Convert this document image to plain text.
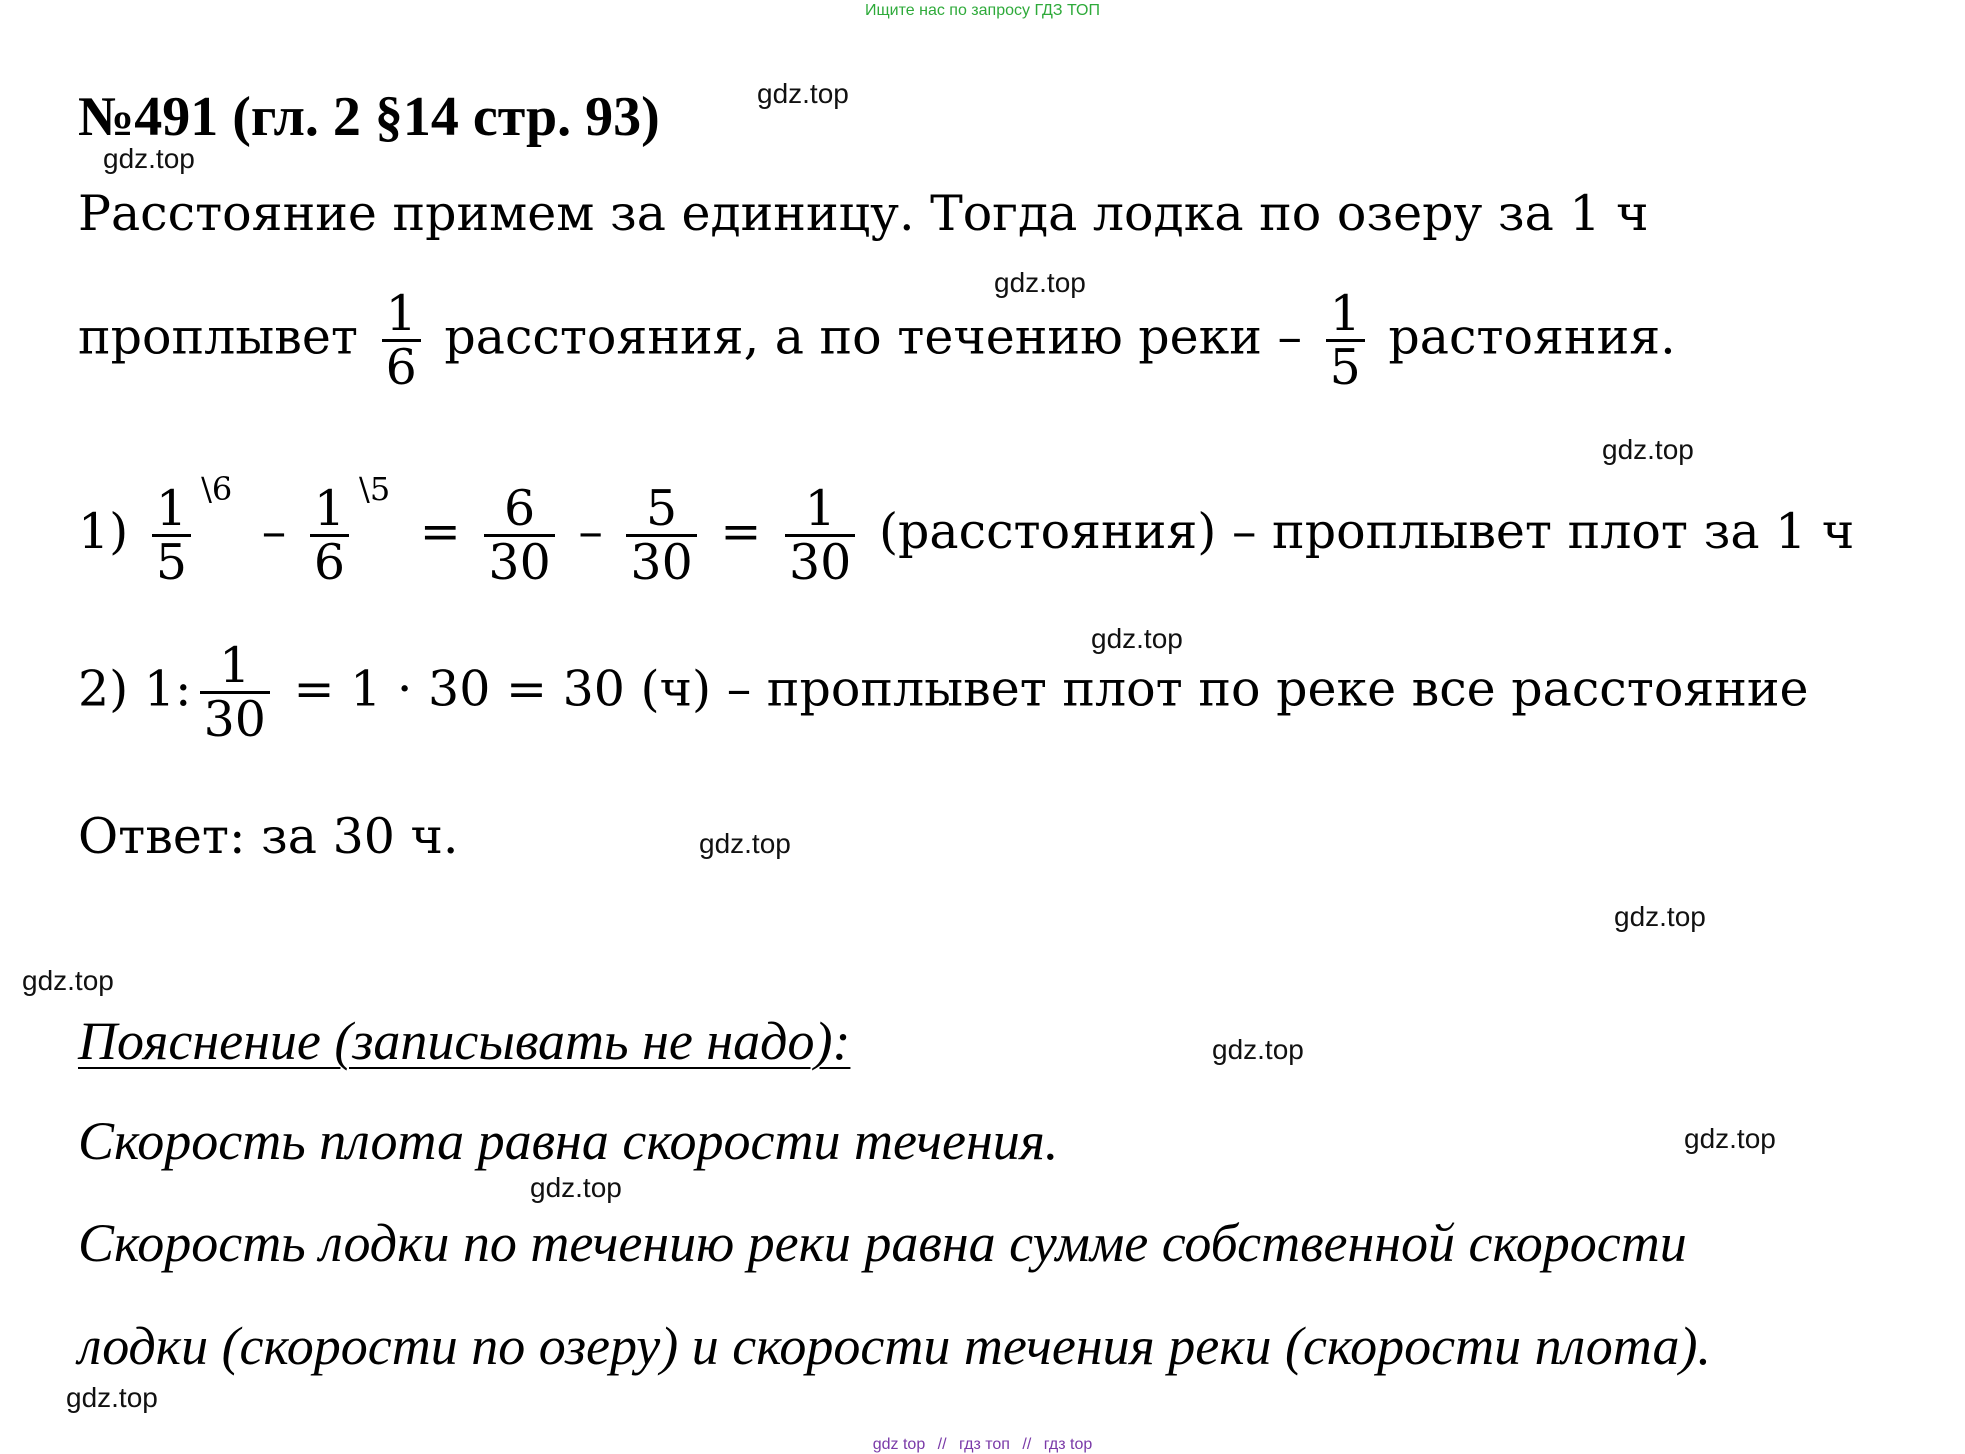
Ищите нас по запросу ГДЗ ТОП
№491 (гл. 2 §14 стр. 93)
Расстояние примем за единицу. Тогда лодка по озеру за 1 ч
проплывет $\frac{1}{6}$ расстояния, а по течению реки – $\frac{1}{5}$ растояния.
$1) \frac{1}{5} ^{\backslash 6} - \frac{1}{6} ^{\backslash 5} = \frac{6}{30} - \frac{5}{30} = \frac{1}{30}$ (расстояния) – проплывет плот за 1 ч
2) 1: $\frac{1}{30} = 1 \cdot 30 = 30$ (ч) – проплывет плот по реке все расстояние
Ответ: за 30 ч.
Пояснение (записывать не надо):
Скорость плота равна скорости течения.
Скорость лодки по течению реки равна сумме собственной скорости
лодки (скорости по озеру) и скорости течения реки (скорости плота).
gdz.top
gdz.top
gdz.top
gdz.top
gdz.top
gdz.top
gdz.top
gdz.top
gdz.top
gdz.top
gdz.top
gdz.top
gdz top // гдз топ // гдз top
